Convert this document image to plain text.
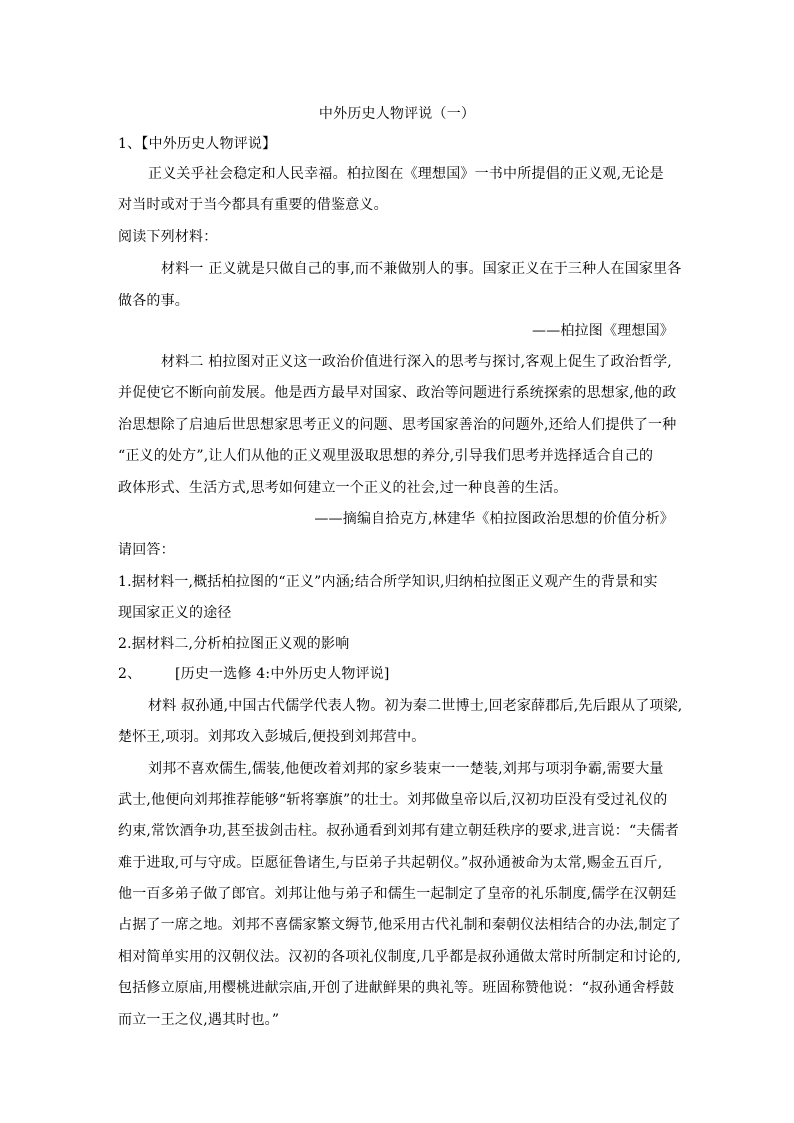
中外历史人物评说（一）
1、【中外历史人物评说】
正义关乎社会稳定和人民幸福。柏拉图在《理想国》一书中所提倡的正义观,无论是
对当时或对于当今都具有重要的借鉴意义。
阅读下列材料：
材料一 正义就是只做自己的事,而不兼做别人的事。国家正义在于三种人在国家里各
做各的事。
——柏拉图《理想国》
材料二 柏拉图对正义这一政治价值进行深入的思考与探讨,客观上促生了政治哲学,
并促使它不断向前发展。他是西方最早对国家、政治等问题进行系统探索的思想家,他的政
治思想除了启迪后世思想家思考正义的问题、思考国家善治的问题外,还给人们提供了一种
“正义的处方”,让人们从他的正义观里汲取思想的养分,引导我们思考并选择适合自己的
政体形式、生活方式,思考如何建立一个正义的社会,过一种良善的生活。
——摘编自拾克方,林建华《柏拉图政治思想的价值分析》
请回答：
1.据材料一,概括柏拉图的“正义”内涵;结合所学知识,归纳柏拉图正义观产生的背景和实
现国家正义的途径
2.据材料二,分析柏拉图正义观的影响
2、 [历史一选修 4:中外历史人物评说]
材料 叔孙通,中国古代儒学代表人物。初为秦二世博士,回老家薛郡后,先后跟从了项梁,
楚怀王,项羽。刘邦攻入彭城后,便投到刘邦营中。
刘邦不喜欢儒生,儒装,他便改着刘邦的家乡装束一一楚装,刘邦与项羽争霸,需要大量
武士,他便向刘邦推荐能够“斩将搴旗”的壮士。刘邦做皇帝以后,汉初功臣没有受过礼仪的
约束,常饮酒争功,甚至拔剑击柱。叔孙通看到刘邦有建立朝廷秩序的要求,进言说：“夫儒者
难于进取,可与守成。臣愿征鲁诸生,与臣弟子共起朝仪。”叔孙通被命为太常,赐金五百斤,
他一百多弟子做了郎官。刘邦让他与弟子和儒生一起制定了皇帝的礼乐制度,儒学在汉朝廷
占据了一席之地。刘邦不喜儒家繁文缛节,他采用古代礼制和秦朝仪法相结合的办法,制定了
相对简单实用的汉朝仪法。汉初的各项礼仪制度,几乎都是叔孙通做太常时所制定和讨论的,
包括修立原庙,用樱桃进献宗庙,开创了进献鲜果的典礼等。班固称赞他说：“叔孙通舍桴鼓
而立一王之仪,遇其时也。”
